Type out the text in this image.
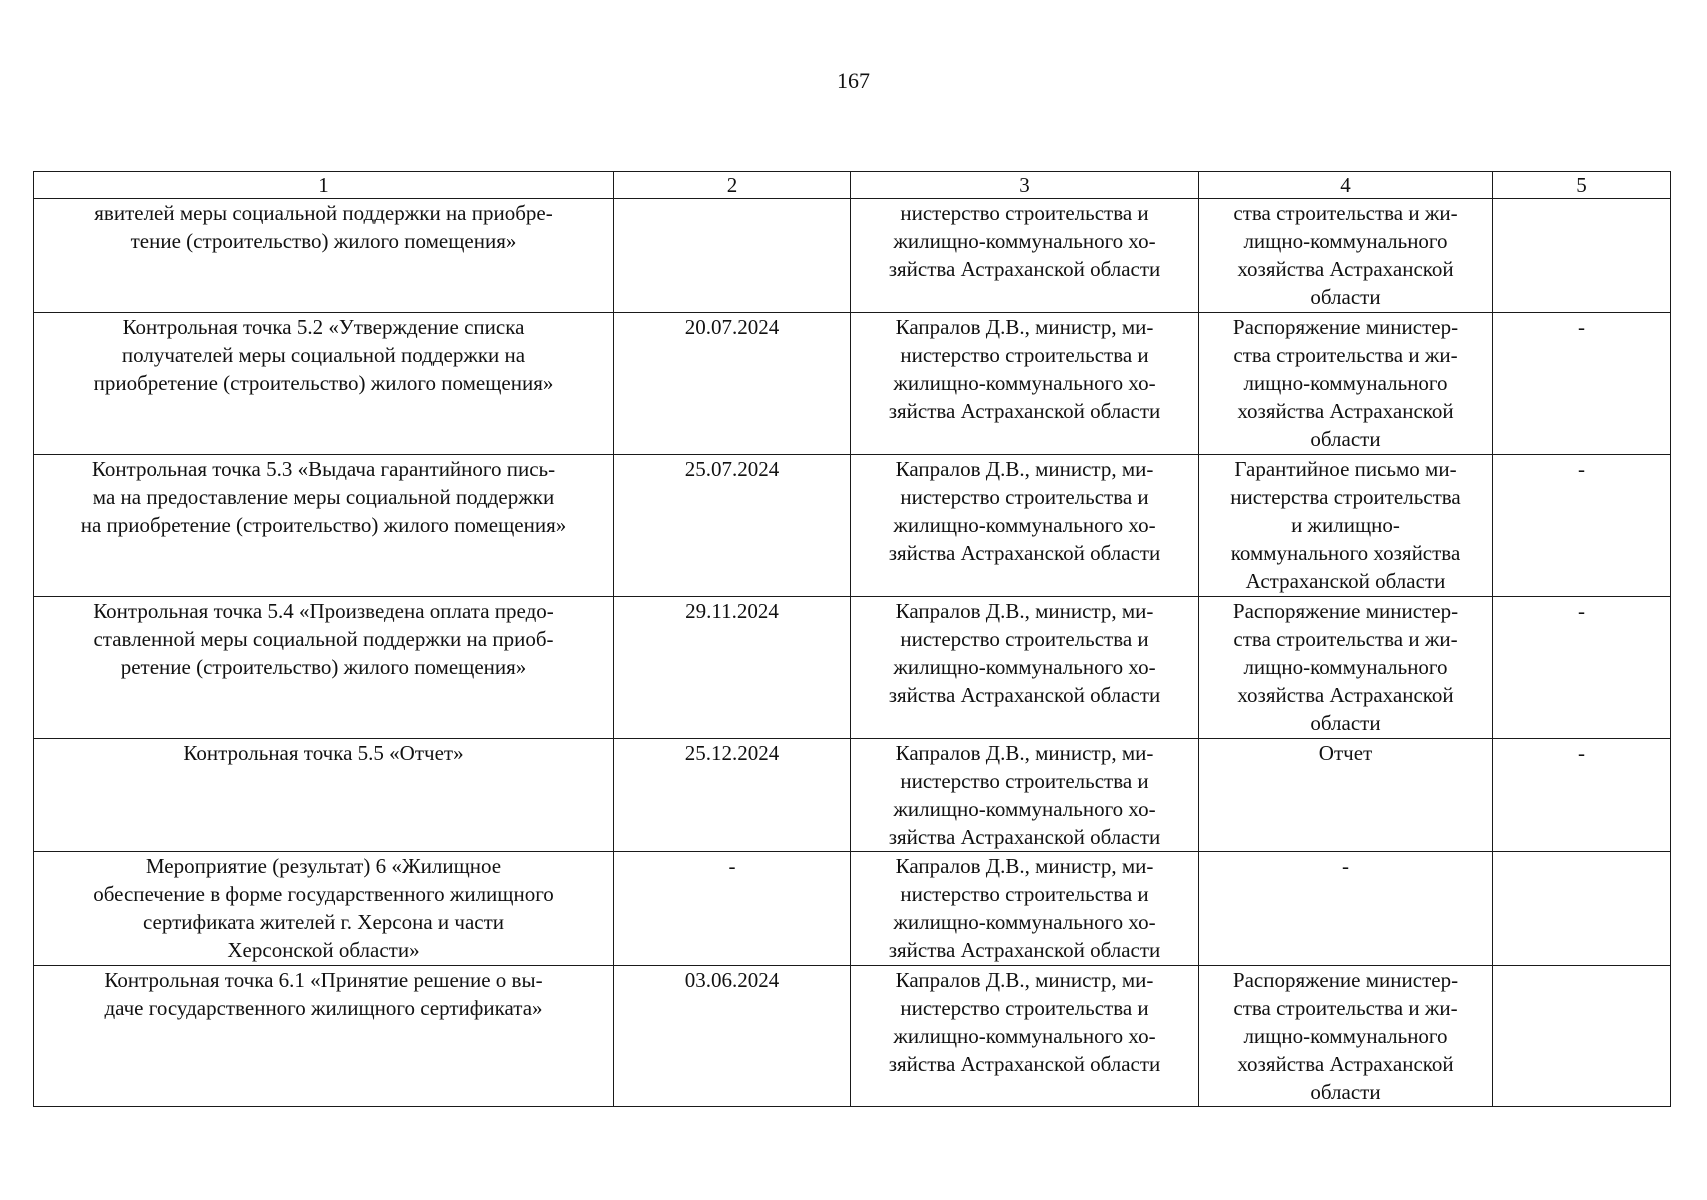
167
1	2	3	4	5

явителей меры социальной поддержки на приобре-
тение (строительство) жилого помещения»		нистерство строительства и
жилищно-коммунального хо-
зяйства Астраханской области	ства строительства и жи-
лищно-коммунального
хозяйства Астраханской
области	

Контрольная точка 5.2 «Утверждение списка
получателей меры социальной поддержки на
приобретение (строительство) жилого помещения»	20.07.2024	Капралов Д.В., министр, ми-
нистерство строительства и
жилищно-коммунального хо-
зяйства Астраханской области	Распоряжение министер-
ства строительства и жи-
лищно-коммунального
хозяйства Астраханской
области	-

Контрольная точка 5.3 «Выдача гарантийного пись-
ма на предоставление меры социальной поддержки
на приобретение (строительство) жилого помещения»	25.07.2024	Капралов Д.В., министр, ми-
нистерство строительства и
жилищно-коммунального хо-
зяйства Астраханской области	Гарантийное письмо ми-
нистерства строительства
и жилищно-
коммунального хозяйства
Астраханской области	-

Контрольная точка 5.4 «Произведена оплата предо-
ставленной меры социальной поддержки на приоб-
ретение (строительство) жилого помещения»	29.11.2024	Капралов Д.В., министр, ми-
нистерство строительства и
жилищно-коммунального хо-
зяйства Астраханской области	Распоряжение министер-
ства строительства и жи-
лищно-коммунального
хозяйства Астраханской
области	-

Контрольная точка 5.5 «Отчет»	25.12.2024	Капралов Д.В., министр, ми-
нистерство строительства и
жилищно-коммунального хо-
зяйства Астраханской области	Отчет	-

Мероприятие (результат) 6 «Жилищное
обеспечение в форме государственного жилищного
сертификата жителей г. Херсона и части
Херсонской области»	-	Капралов Д.В., министр, ми-
нистерство строительства и
жилищно-коммунального хо-
зяйства Астраханской области	-	

Контрольная точка 6.1 «Принятие решение о вы-
даче государственного жилищного сертификата»	03.06.2024	Капралов Д.В., министр, ми-
нистерство строительства и
жилищно-коммунального хо-
зяйства Астраханской области	Распоряжение министер-
ства строительства и жи-
лищно-коммунального
хозяйства Астраханской
области	
